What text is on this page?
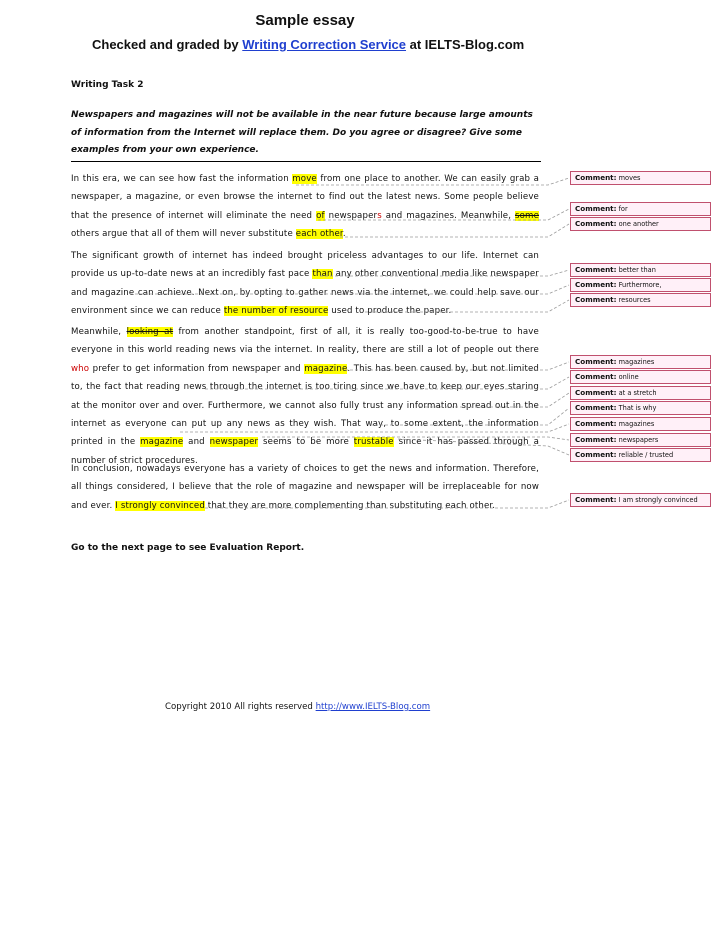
Sample essay
Checked and graded by Writing Correction Service at IELTS-Blog.com
Writing Task 2
Newspapers and magazines will not be available in the near future because large amounts of information from the Internet will replace them. Do you agree or disagree? Give some examples from your own experience.
In this era, we can see how fast the information move from one place to another. We can easily grab a newspaper, a magazine, or even browse the internet to find out the latest news. Some people believe that the presence of internet will eliminate the need of newspapers and magazines. Meanwhile, some others argue that all of them will never substitute each other.
The significant growth of internet has indeed brought priceless advantages to our life. Internet can provide us up-to-date news at an incredibly fast pace than any other conventional media like newspaper and magazine can achieve. Next on, by opting to gather news via the internet, we could help save our environment since we can reduce the number of resource used to produce the paper.
Meanwhile, looking at from another standpoint, first of all, it is really too-good-to-be-true to have everyone in this world reading news via the internet. In reality, there are still a lot of people out there who prefer to get information from newspaper and magazine. This has been caused by, but not limited to, the fact that reading news through the internet is too tiring since we have to keep our eyes staring at the monitor over and over. Furthermore, we cannot also fully trust any information spread out in the internet as everyone can put up any news as they wish. That way, to some extent, the information printed in the magazine and newspaper seems to be more trustable since it has passed through a number of strict procedures.
In conclusion, nowadays everyone has a variety of choices to get the news and information. Therefore, all things considered, I believe that the role of magazine and newspaper will be irreplaceable for now and ever. I strongly convinced that they are more complementing than substituting each other.
Comment: moves
Comment: for
Comment: one another
Comment: better than
Comment: Furthermore,
Comment: resources
Comment: magazines
Comment: online
Comment: at a stretch
Comment: That is why
Comment: magazines
Comment: newspapers
Comment: reliable / trusted
Comment: I am strongly convinced
Go to the next page to see Evaluation Report.
Copyright 2010 All rights reserved http://www.IELTS-Blog.com
